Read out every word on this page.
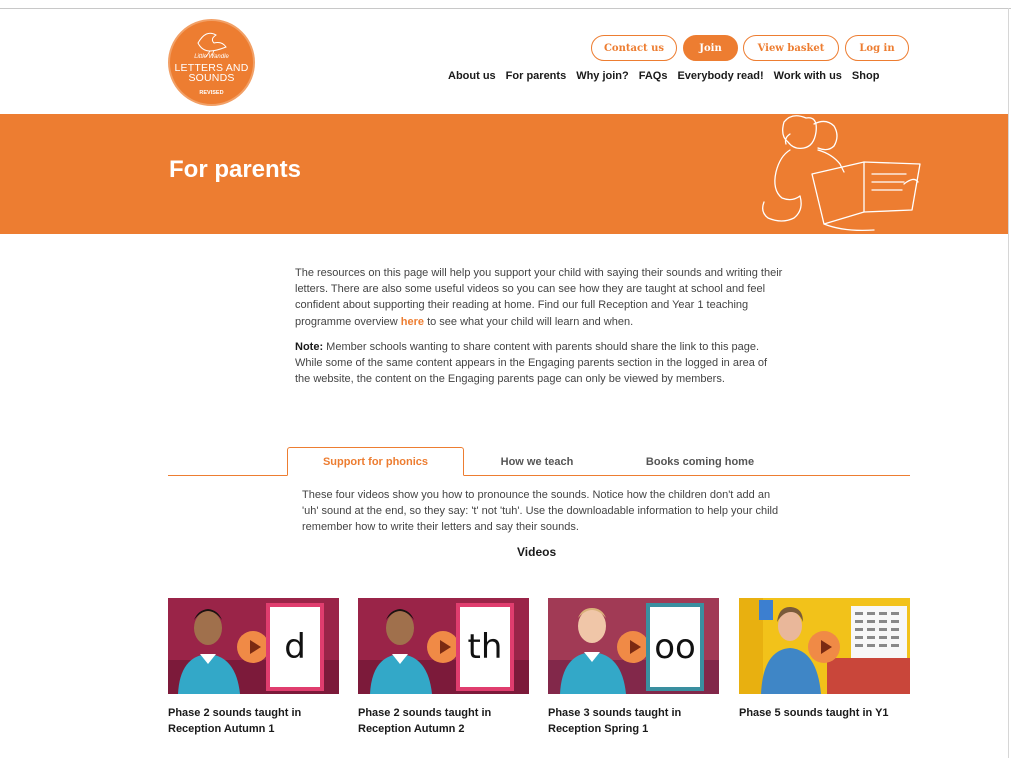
Little Wandle
LETTERS AND
SOUNDS
REVISED
Contact us	Join	View basket	Log in
About us For parents Why join? FAQs Everybody read! Work with us Shop
For parents
The resources on this page will help you support your child with saying their sounds and writing their letters. There are also some useful videos so you can see how they are taught at school and feel confident about supporting their reading at home. Find our full Reception and Year 1 teaching programme overview here to see what your child will learn and when.
Note: Member schools wanting to share content with parents should share the link to this page. While some of the same content appears in the Engaging parents section in the logged in area of the website, the content on the Engaging parents page can only be viewed by members.
Support for phonics	How we teach	Books coming home
These four videos show you how to pronounce the sounds. Notice how the children don't add an 'uh' sound at the end, so they say: 't' not 'tuh'. Use the downloadable information to help your child remember how to write their letters and say their sounds.
Videos
d
Phase 2 sounds taught in
Reception Autumn 1
th
Phase 2 sounds taught in
Reception Autumn 2
oo
Phase 3 sounds taught in
Reception Spring 1
Phase 5 sounds taught in Y1
